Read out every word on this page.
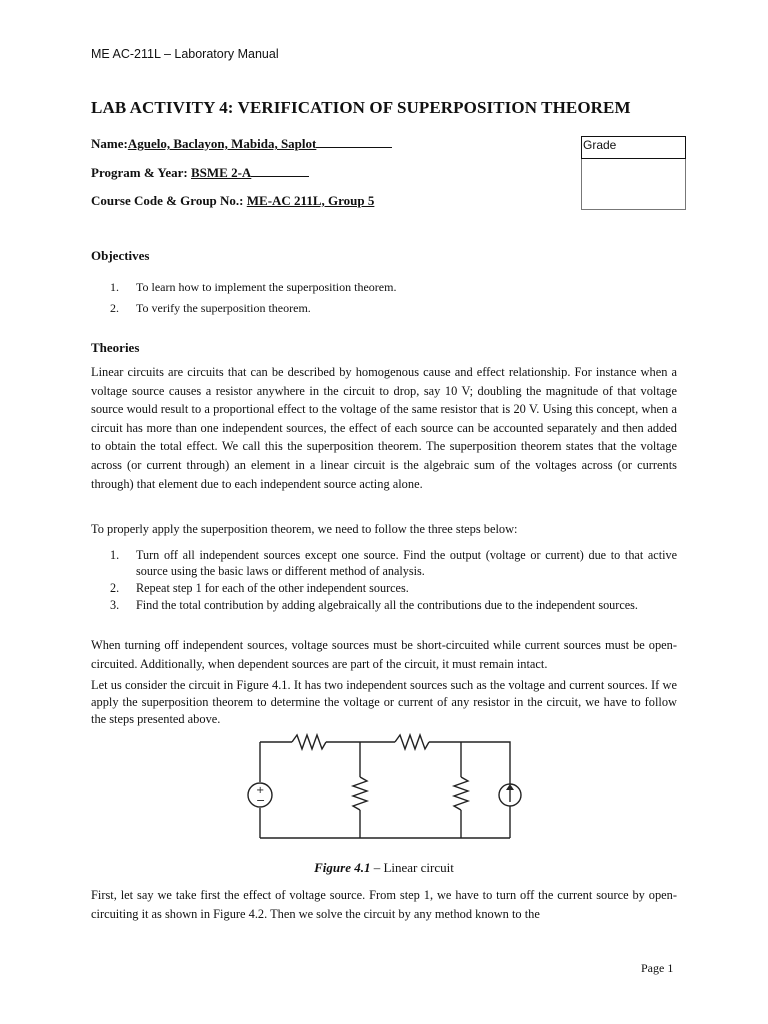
ME AC-211L – Laboratory Manual
LAB ACTIVITY 4: VERIFICATION OF SUPERPOSITION THEOREM
Name:Aguelo, Baclayon, Mabida, Saplot
Program & Year: BSME 2-A
Course Code & Group No.: ME-AC 211L, Group 5
Grade
Objectives
1. To learn how to implement the superposition theorem.
2. To verify the superposition theorem.
Theories
Linear circuits are circuits that can be described by homogenous cause and effect relationship. For instance when a voltage source causes a resistor anywhere in the circuit to drop, say 10 V; doubling the magnitude of that voltage source would result to a proportional effect to the voltage of the same resistor that is 20 V. Using this concept, when a circuit has more than one independent sources, the effect of each source can be accounted separately and then added to obtain the total effect. We call this the superposition theorem. The superposition theorem states that the voltage across (or current through) an element in a linear circuit is the algebraic sum of the voltages across (or currents through) that element due to each independent source acting alone.
To properly apply the superposition theorem, we need to follow the three steps below:
1.	Turn off all independent sources except one source. Find the output (voltage or current) due to that active source using the basic laws or different method of analysis.
2.	Repeat step 1 for each of the other independent sources.
3.	Find the total contribution by adding algebraically all the contributions due to the independent sources.
When turning off independent sources, voltage sources must be short-circuited while current sources must be open-circuited. Additionally, when dependent sources are part of the circuit, it must remain intact.
Let us consider the circuit in Figure 4.1. It has two independent sources such as the voltage and current sources. If we apply the superposition theorem to determine the voltage or current of any resistor in the circuit, we have to follow the steps presented above.
+
−
Figure 4.1 – Linear circuit
First, let say we take first the effect of voltage source. From step 1, we have to turn off the current source by open-circuiting it as shown in Figure 4.2. Then we solve the circuit by any method known to the
Page 1
